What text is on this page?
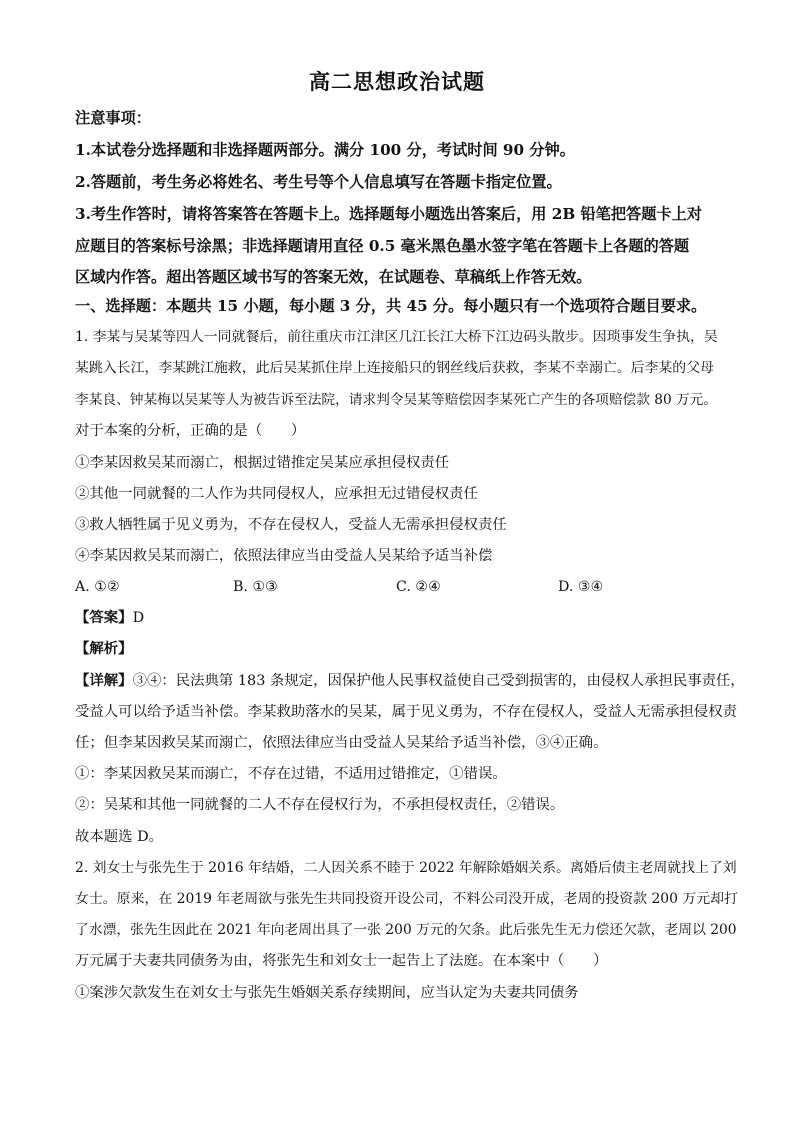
高二思想政治试题
注意事项：
1.本试卷分选择题和非选择题两部分。满分 100 分，考试时间 90 分钟。
2.答题前，考生务必将姓名、考生号等个人信息填写在答题卡指定位置。
3.考生作答时，请将答案答在答题卡上。选择题每小题选出答案后，用 2B 铅笔把答题卡上对
应题目的答案标号涂黑；非选择题请用直径 0.5 毫米黑色墨水签字笔在答题卡上各题的答题
区域内作答。超出答题区域书写的答案无效，在试题卷、草稿纸上作答无效。
一、选择题：本题共 15 小题，每小题 3 分，共 45 分。每小题只有一个选项符合题目要求。
1. 李某与吴某等四人一同就餐后，前往重庆市江津区几江长江大桥下江边码头散步。因琐事发生争执，吴
某跳入长江，李某跳江施救，此后吴某抓住岸上连接船只的钢丝线后获救，李某不幸溺亡。后李某的父母
李某良、钟某梅以吴某等人为被告诉至法院，请求判令吴某等赔偿因李某死亡产生的各项赔偿款 80 万元。
对于本案的分析，正确的是（　　）
①李某因救吴某而溺亡，根据过错推定吴某应承担侵权责任
②其他一同就餐的二人作为共同侵权人，应承担无过错侵权责任
③救人牺牲属于见义勇为，不存在侵权人，受益人无需承担侵权责任
④李某因救吴某而溺亡，依照法律应当由受益人吴某给予适当补偿
A. ①②	B. ①③	C. ②④	D. ③④
【答案】D
【解析】
【详解】③④：民法典第 183 条规定，因保护他人民事权益使自己受到损害的，由侵权人承担民事责任，
受益人可以给予适当补偿。李某救助落水的吴某，属于见义勇为，不存在侵权人，受益人无需承担侵权责
任；但李某因救吴某而溺亡，依照法律应当由受益人吴某给予适当补偿，③④正确。
①：李某因救吴某而溺亡，不存在过错，不适用过错推定，①错误。
②：吴某和其他一同就餐的二人不存在侵权行为，不承担侵权责任，②错误。
故本题选 D。
2. 刘女士与张先生于 2016 年结婚，二人因关系不睦于 2022 年解除婚姻关系。离婚后债主老周就找上了刘
女士。原来，在 2019 年老周欲与张先生共同投资开设公司，不料公司没开成，老周的投资款 200 万元却打
了水漂，张先生因此在 2021 年向老周出具了一张 200 万元的欠条。此后张先生无力偿还欠款，老周以 200
万元属于夫妻共同债务为由，将张先生和刘女士一起告上了法庭。在本案中（　　）
①案涉欠款发生在刘女士与张先生婚姻关系存续期间，应当认定为夫妻共同债务
